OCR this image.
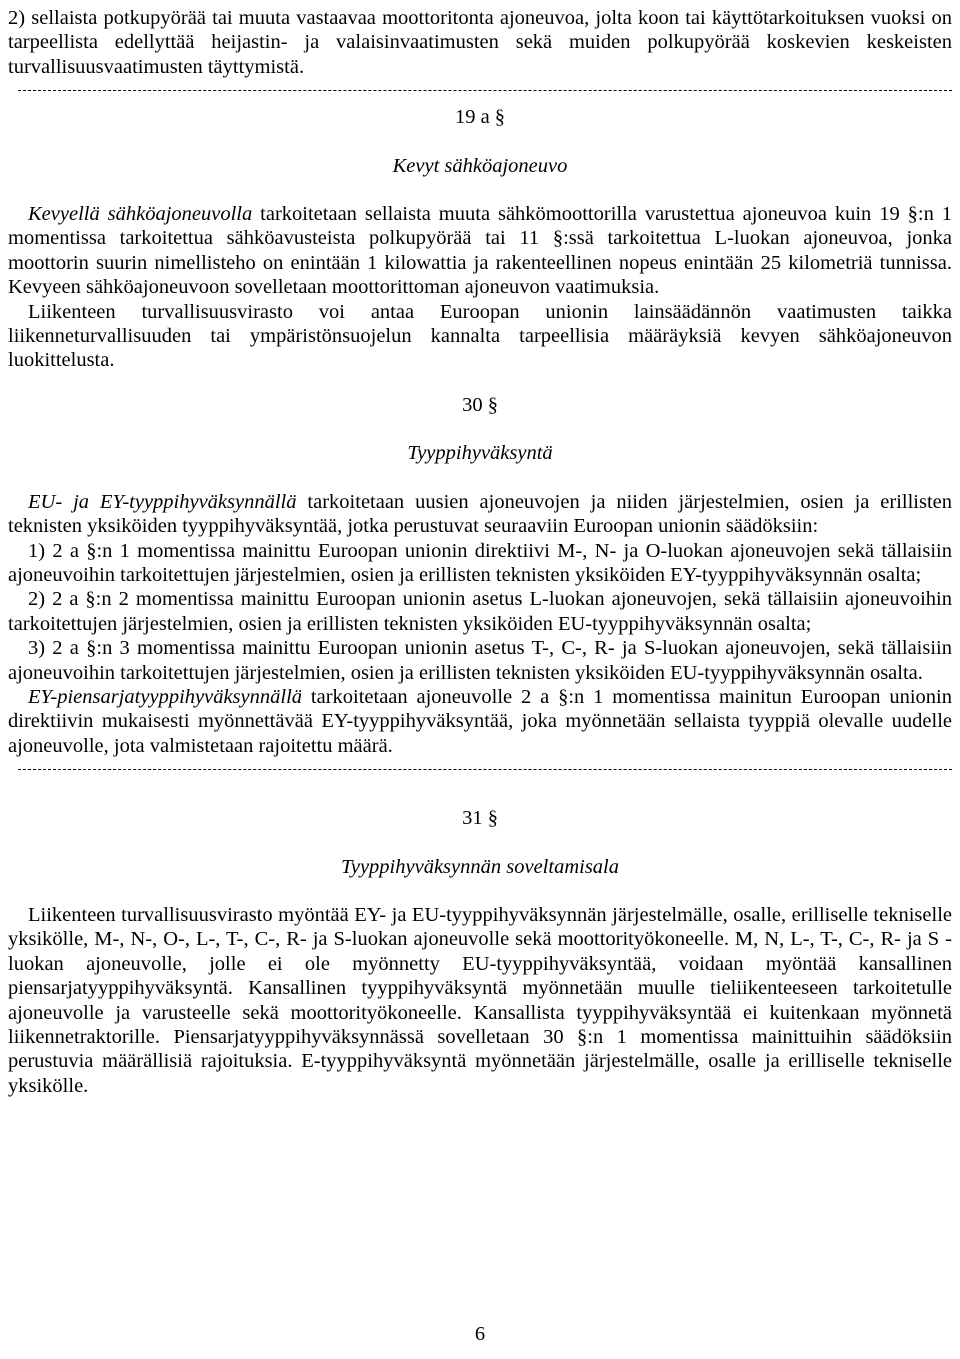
2) sellaista potkupyörää tai muuta vastaavaa moottoritonta ajoneuvoa, jolta koon tai käyttötarkoituksen vuoksi on tarpeellista edellyttää heijastin- ja valaisinvaatimusten sekä muiden polkupyörää koskevien keskeisten turvallisuusvaatimusten täyttymistä.

19 a §

Kevyt sähköajoneuvo

Kevyellä sähköajoneuvolla tarkoitetaan sellaista muuta sähkömoottorilla varustettua ajoneuvoa kuin 19 §:n 1 momentissa tarkoitettua sähköavusteista polkupyörää tai 11 §:ssä tarkoitettua L-luokan ajoneuvoa, jonka moottorin suurin nimellisteho on enintään 1 kilowattia ja rakenteellinen nopeus enintään 25 kilometriä tunnissa. Kevyeen sähköajoneuvoon sovelletaan moottorittoman ajoneuvon vaatimuksia.

Liikenteen turvallisuusvirasto voi antaa Euroopan unionin lainsäädännön vaatimusten taikka liikenneturvallisuuden tai ympäristönsuojelun kannalta tarpeellisia määräyksiä kevyen sähköajoneuvon luokittelusta.

30 §

Tyyppihyväksyntä

EU- ja EY-tyyppihyväksynnällä tarkoitetaan uusien ajoneuvojen ja niiden järjestelmien, osien ja erillisten teknisten yksiköiden tyyppihyväksyntää, jotka perustuvat seuraaviin Euroopan unionin säädöksiin:

1) 2 a §:n 1 momentissa mainittu Euroopan unionin direktiivi M-, N- ja O-luokan ajoneuvojen sekä tällaisiin ajoneuvoihin tarkoitettujen järjestelmien, osien ja erillisten teknisten yksiköiden EY-tyyppihyväksynnän osalta;

2) 2 a §:n 2 momentissa mainittu Euroopan unionin asetus L-luokan ajoneuvojen, sekä tällaisiin ajoneuvoihin tarkoitettujen järjestelmien, osien ja erillisten teknisten yksiköiden EU-tyyppihyväksynnän osalta;

3) 2 a §:n 3 momentissa mainittu Euroopan unionin asetus T-, C-, R- ja S-luokan ajoneuvojen, sekä tällaisiin ajoneuvoihin tarkoitettujen järjestelmien, osien ja erillisten teknisten yksiköiden EU-tyyppihyväksynnän osalta.

EY-piensarjatyyppihyväksynnällä tarkoitetaan ajoneuvolle 2 a §:n 1 momentissa mainitun Euroopan unionin direktiivin mukaisesti myönnettävää EY-tyyppihyväksyntää, joka myönnetään sellaista tyyppiä olevalle uudelle ajoneuvolle, jota valmistetaan rajoitettu määrä.

31 §

Tyyppihyväksynnän soveltamisala

Liikenteen turvallisuusvirasto myöntää EY- ja EU-tyyppihyväksynnän järjestelmälle, osalle, erilliselle tekniselle yksikölle, M-, N-, O-, L-, T-, C-, R- ja S-luokan ajoneuvolle sekä moottorityökoneelle. M, N, L-, T-, C-, R- ja S -luokan ajoneuvolle, jolle ei ole myönnetty EU-tyyppihyväksyntää, voidaan myöntää kansallinen piensarjatyyppihyväksyntä. Kansallinen tyyppihyväksyntä myönnetään muulle tieliikenteeseen tarkoitetulle ajoneuvolle ja varusteelle sekä moottorityökoneelle. Kansallista tyyppihyväksyntää ei kuitenkaan myönnetä liikennetraktorille. Piensarjatyyppihyväksynnässä sovelletaan 30 §:n 1 momentissa mainittuihin säädöksiin perustuvia määrällisiä rajoituksia. E-tyyppihyväksyntä myönnetään järjestelmälle, osalle ja erilliselle tekniselle yksikölle.

6
